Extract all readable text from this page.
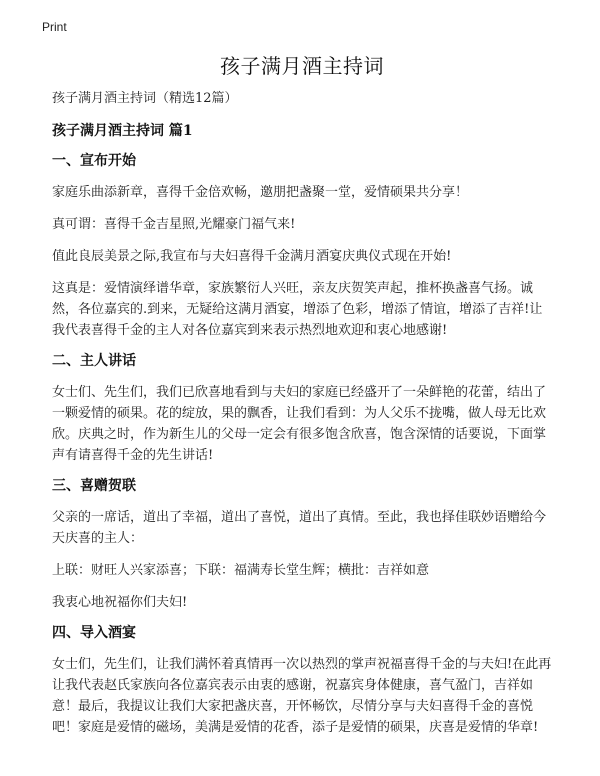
Print
孩子满月酒主持词
孩子满月酒主持词（精选12篇）
孩子满月酒主持词 篇1
一、宣布开始
家庭乐曲添新章，喜得千金倍欢畅，邀朋把盏聚一堂，爱情硕果共分享！
真可谓：喜得千金吉星照,光耀豪门福气来!
值此良辰美景之际,我宣布与夫妇喜得千金满月酒宴庆典仪式现在开始!
这真是：爱情演绎谱华章，家族繁衍人兴旺，亲友庆贺笑声起，推杯换盏喜气扬。诚然，各位嘉宾的.到来，无疑给这满月酒宴，增添了色彩，增添了情谊，增添了吉祥!让我代表喜得千金的主人对各位嘉宾到来表示热烈地欢迎和衷心地感谢!
二、主人讲话
女士们、先生们，我们已欣喜地看到与夫妇的家庭已经盛开了一朵鲜艳的花蕾，结出了一颗爱情的硕果。花的绽放，果的飘香，让我们看到：为人父乐不拢嘴，做人母无比欢欣。庆典之时，作为新生儿的父母一定会有很多饱含欣喜，饱含深情的话要说，下面掌声有请喜得千金的先生讲话!
三、喜赠贺联
父亲的一席话，道出了幸福，道出了喜悦，道出了真情。至此，我也择佳联妙语赠给今天庆喜的主人：
上联：财旺人兴家添喜；下联：福满寿长堂生辉；横批：吉祥如意
我衷心地祝福你们夫妇!
四、导入酒宴
女士们，先生们，让我们满怀着真情再一次以热烈的掌声祝福喜得千金的与夫妇!在此再让我代表赵氏家族向各位嘉宾表示由衷的感谢，祝嘉宾身体健康，喜气盈门，吉祥如意！最后，我提议让我们大家把盏庆喜，开怀畅饮，尽情分享与夫妇喜得千金的喜悦吧！家庭是爱情的磁场，美满是爱情的花香，添子是爱情的硕果，庆喜是爱情的华章!
